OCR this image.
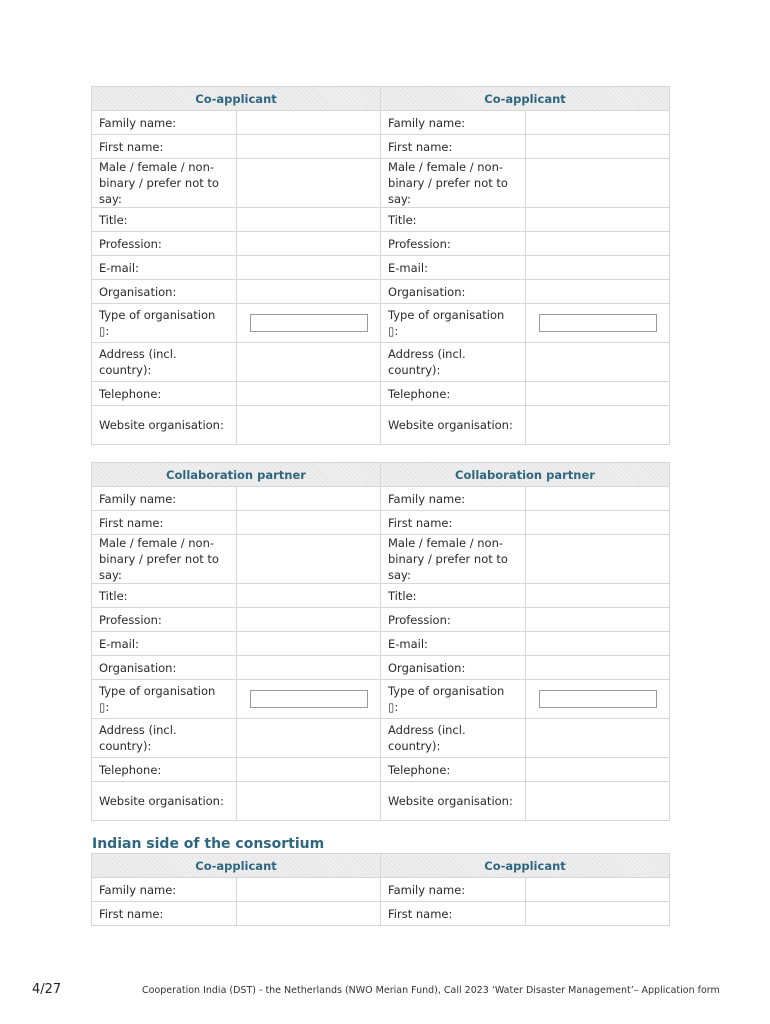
Co-applicant		Co-applicant	
Family name:		Family name:	
First name:		First name:	
Male / female / non-binary / prefer not to say:		Male / female / non-binary / prefer not to say:	
Title:		Title:	
Profession:		Profession:	
E-mail:		E-mail:	
Organisation:		Organisation:	
Type of organisation ▯:		Type of organisation ▯:	

Address (incl. country):		Address (incl. country):	
Telephone:		Telephone:	
Website organisation:		Website organisation:	
Collaboration partner		Collaboration partner	
Family name:		Family name:	
First name:		First name:	
Male / female / non-binary / prefer not to say:		Male / female / non-binary / prefer not to say:	
Title:		Title:	
Profession:		Profession:	
E-mail:		E-mail:	
Organisation:		Organisation:	
Type of organisation ▯:		Type of organisation ▯:	

Address (incl. country):		Address (incl. country):	
Telephone:		Telephone:	
Website organisation:		Website organisation:	
Indian side of the consortium
Co-applicant		Co-applicant	
Family name:		Family name:	
First name:		First name:	
4/27	Cooperation India (DST) - the Netherlands (NWO Merian Fund), Call 2023 ‘Water Disaster Management’– Application form
